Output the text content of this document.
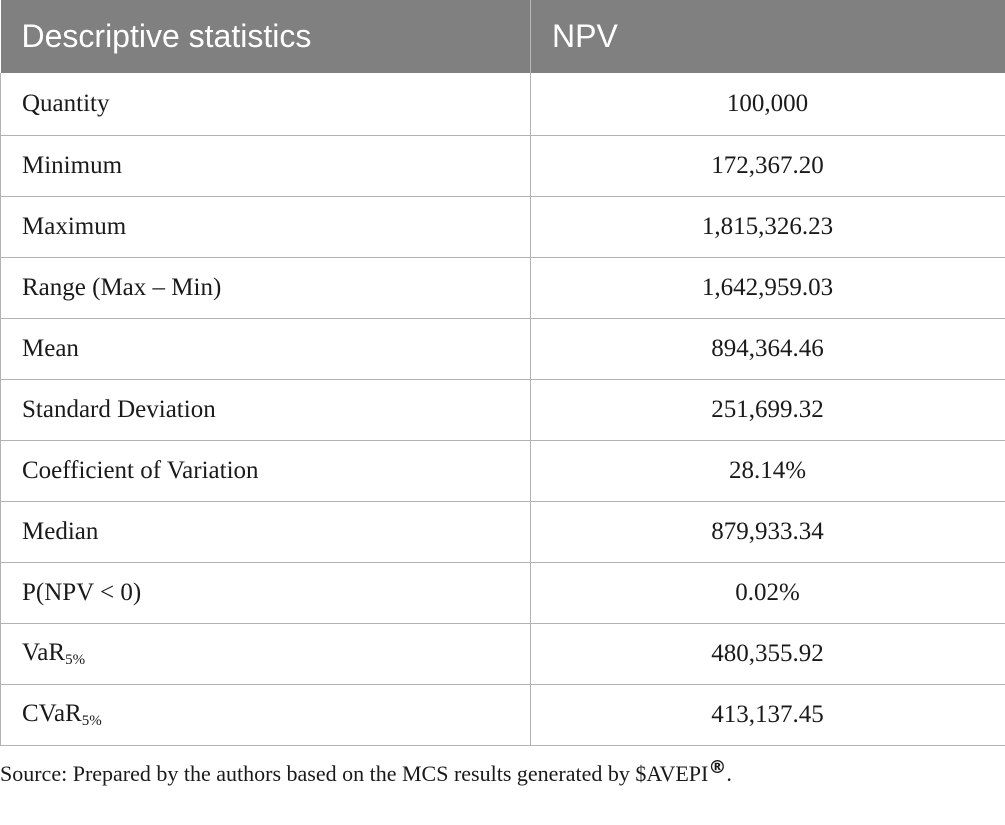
Descriptive statistics	NPV
Quantity	100,000
Minimum	172,367.20
Maximum	1,815,326.23
Range (Max – Min)	1,642,959.03
Mean	894,364.46
Standard Deviation	251,699.32
Coefficient of Variation	28.14%
Median	879,933.34
P(NPV < 0)	0.02%
VaR$_{5\%}$	480,355.92
CVaR$_{5\%}$	413,137.45
Source: Prepared by the authors based on the MCS results generated by $AVEPI®.
